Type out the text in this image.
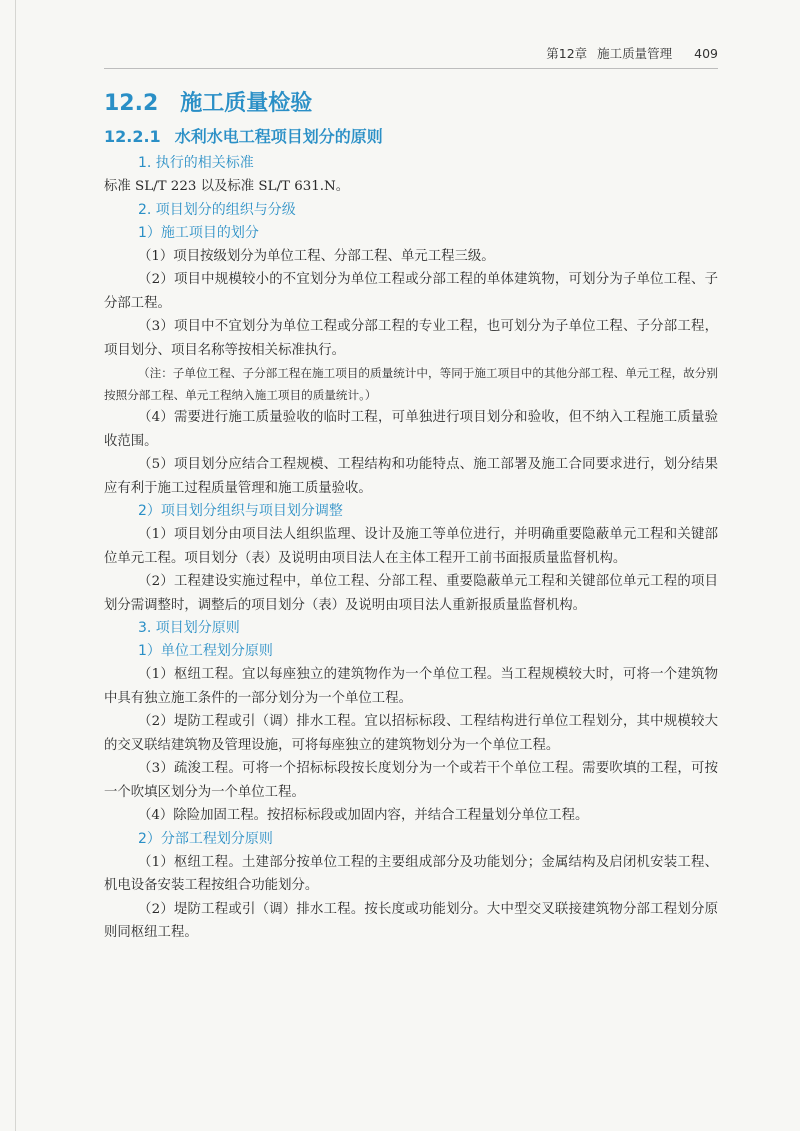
第12章 施工质量管理 409
12.2 施工质量检验
12.2.1 水利水电工程项目划分的原则
1. 执行的相关标准

标准 SL/T 223 以及标准 SL/T 631.N。

2. 项目划分的组织与分级
1）施工项目的划分

（1）项目按级划分为单位工程、分部工程、单元工程三级。

（2）项目中规模较小的不宜划分为单位工程或分部工程的单体建筑物，可划分为子单位工程、子分部工程。

（3）项目中不宜划分为单位工程或分部工程的专业工程，也可划分为子单位工程、子分部工程，项目划分、项目名称等按相关标准执行。

（注：子单位工程、子分部工程在施工项目的质量统计中，等同于施工项目中的其他分部工程、单元工程，故分别按照分部工程、单元工程纳入施工项目的质量统计。）

（4）需要进行施工质量验收的临时工程，可单独进行项目划分和验收，但不纳入工程施工质量验收范围。

（5）项目划分应结合工程规模、工程结构和功能特点、施工部署及施工合同要求进行，划分结果应有利于施工过程质量管理和施工质量验收。

2）项目划分组织与项目划分调整

（1）项目划分由项目法人组织监理、设计及施工等单位进行，并明确重要隐蔽单元工程和关键部位单元工程。项目划分（表）及说明由项目法人在主体工程开工前书面报质量监督机构。

（2）工程建设实施过程中，单位工程、分部工程、重要隐蔽单元工程和关键部位单元工程的项目划分需调整时，调整后的项目划分（表）及说明由项目法人重新报质量监督机构。

3. 项目划分原则
1）单位工程划分原则

（1）枢纽工程。宜以每座独立的建筑物作为一个单位工程。当工程规模较大时，可将一个建筑物中具有独立施工条件的一部分划分为一个单位工程。

（2）堤防工程或引（调）排水工程。宜以招标标段、工程结构进行单位工程划分，其中规模较大的交叉联结建筑物及管理设施，可将每座独立的建筑物划分为一个单位工程。

（3）疏浚工程。可将一个招标标段按长度划分为一个或若干个单位工程。需要吹填的工程，可按一个吹填区划分为一个单位工程。

（4）除险加固工程。按招标标段或加固内容，并结合工程量划分单位工程。

2）分部工程划分原则

（1）枢纽工程。土建部分按单位工程的主要组成部分及功能划分；金属结构及启闭机安装工程、机电设备安装工程按组合功能划分。

（2）堤防工程或引（调）排水工程。按长度或功能划分。大中型交叉联接建筑物分部工程划分原则同枢纽工程。
